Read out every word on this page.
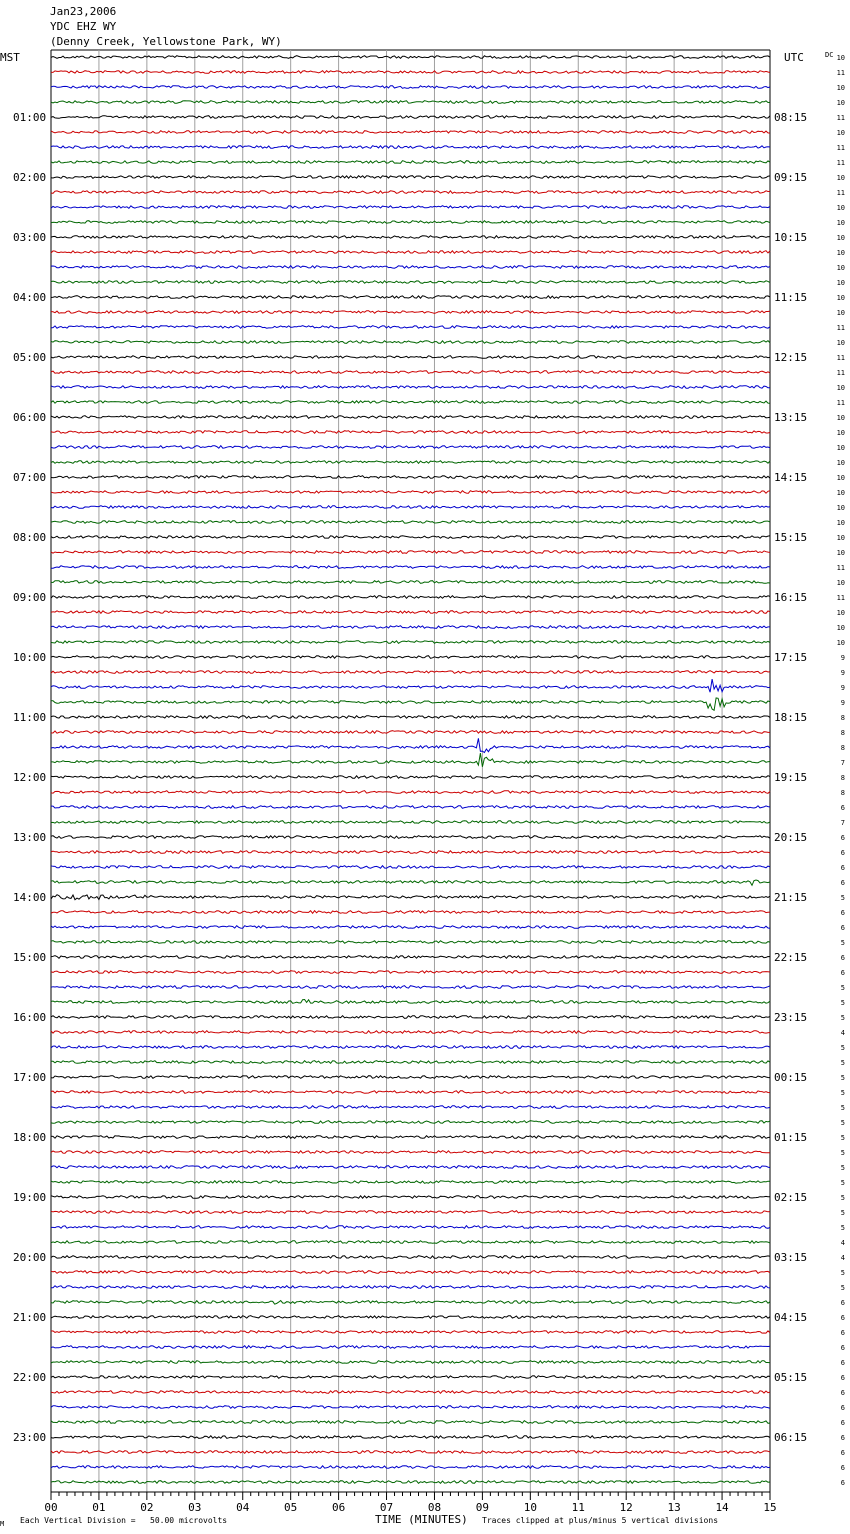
Jan23,2006
YDC EHZ WY
(Denny Creek, Yellowstone Park, WY)
MST	UTC	DC
01:00
02:00
03:00
04:00
05:00
06:00
07:00
08:00
09:00
10:00
11:00
12:00
13:00
14:00
15:00
16:00
17:00
18:00
19:00
20:00
21:00
22:00
23:00
08:15
09:15
10:15
11:15
12:15
13:15
14:15
15:15
16:15
17:15
18:15
19:15
20:15
21:15
22:15
23:15
00:15
01:15
02:15
03:15
04:15
05:15
06:15
10
11
10
10
11
10
11
11
10
11
10
10
10
10
10
10
10
10
11
10
11
11
10
11
10
10
10
10
10
10
10
10
10
10
11
10
11
10
10
10
9
9
9
9
8
8
8
7
8
8
6
7
6
6
6
6
5
6
6
5
6
6
5
5
5
4
5
5
5
5
5
5
5
5
5
5
5
5
5
4
4
5
5
6
6
6
6
6
6
6
6
6
6
6
6
6
00	01	02	03	04	05	06	07	08	09	10	11	12	13	14	15
M Each Vertical Division =   50.00 microvolts	TIME (MINUTES) Traces clipped at plus/minus 5 vertical divisions
